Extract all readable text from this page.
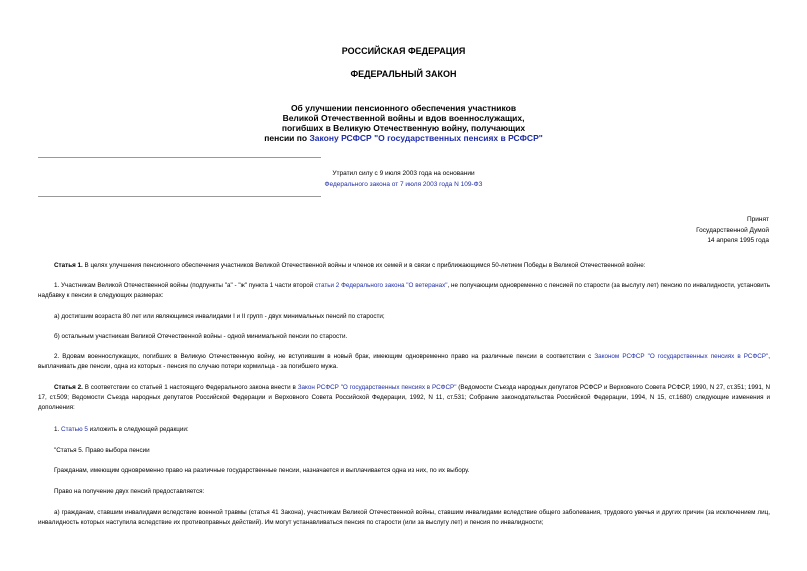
РОССИЙСКАЯ ФЕДЕРАЦИЯ
ФЕДЕРАЛЬНЫЙ ЗАКОН
Об улучшении пенсионного обеспечения участников
Великой Отечественной войны и вдов военнослужащих,
погибших в Великую Отечественную войну, получающих
пенсии по Закону РСФСР "О государственных пенсиях в РСФСР"
Утратил силу с 9 июля 2003 года на основании
Федерального закона от 7 июля 2003 года N 109-ФЗ
Принят
Государственной Думой
14 апреля 1995 года
Статья 1. В целях улучшения пенсионного обеспечения участников Великой Отечественной войны и членов их семей и в связи с приближающимся 50-летием Победы в Великой Отечественной войне:
1. Участникам Великой Отечественной войны (подпункты "а" - "ж" пункта 1 части второй статьи 2 Федерального закона "О ветеранах", не получающим одновременно с пенсией по старости (за выслугу лет) пенсию по инвалидности, установить надбавку к пенсии в следующих размерах:
а) достигшим возраста 80 лет или являющимся инвалидами I и II групп - двух минимальных пенсий по старости;
б) остальным участникам Великой Отечественной войны - одной минимальной пенсии по старости.
2. Вдовам военнослужащих, погибших в Великую Отечественную войну, не вступившим в новый брак, имеющим одновременно право на различные пенсии в соответствии с Законом РСФСР "О государственных пенсиях в РСФСР", выплачивать две пенсии, одна из которых - пенсия по случаю потери кормильца - за погибшего мужа.
Статья 2. В соответствии со статьей 1 настоящего Федерального закона внести в Закон РСФСР "О государственных пенсиях в РСФСР" (Ведомости Съезда народных депутатов РСФСР и Верховного Совета РСФСР, 1990, N 27, ст.351; 1991, N 17, ст.509; Ведомости Съезда народных депутатов Российской Федерации и Верховного Совета Российской Федерации, 1992, N 11, ст.531; Собрание законодательства Российской Федерации, 1994, N 15, ст.1680) следующие изменения и дополнения:
1. Статью 5 изложить в следующей редакции:
"Статья 5. Право выбора пенсии
Гражданам, имеющим одновременно право на различные государственные пенсии, назначается и выплачивается одна из них, по их выбору.
Право на получение двух пенсий предоставляется:
а) гражданам, ставшим инвалидами вследствие военной травмы (статья 41 Закона), участникам Великой Отечественной войны, ставшим инвалидами вследствие общего заболевания, трудового увечья и других причин (за исключением лиц, инвалидность которых наступила вследствие их противоправных действий). Им могут устанавливаться пенсия по старости (или за выслугу лет) и пенсия по инвалидности;
